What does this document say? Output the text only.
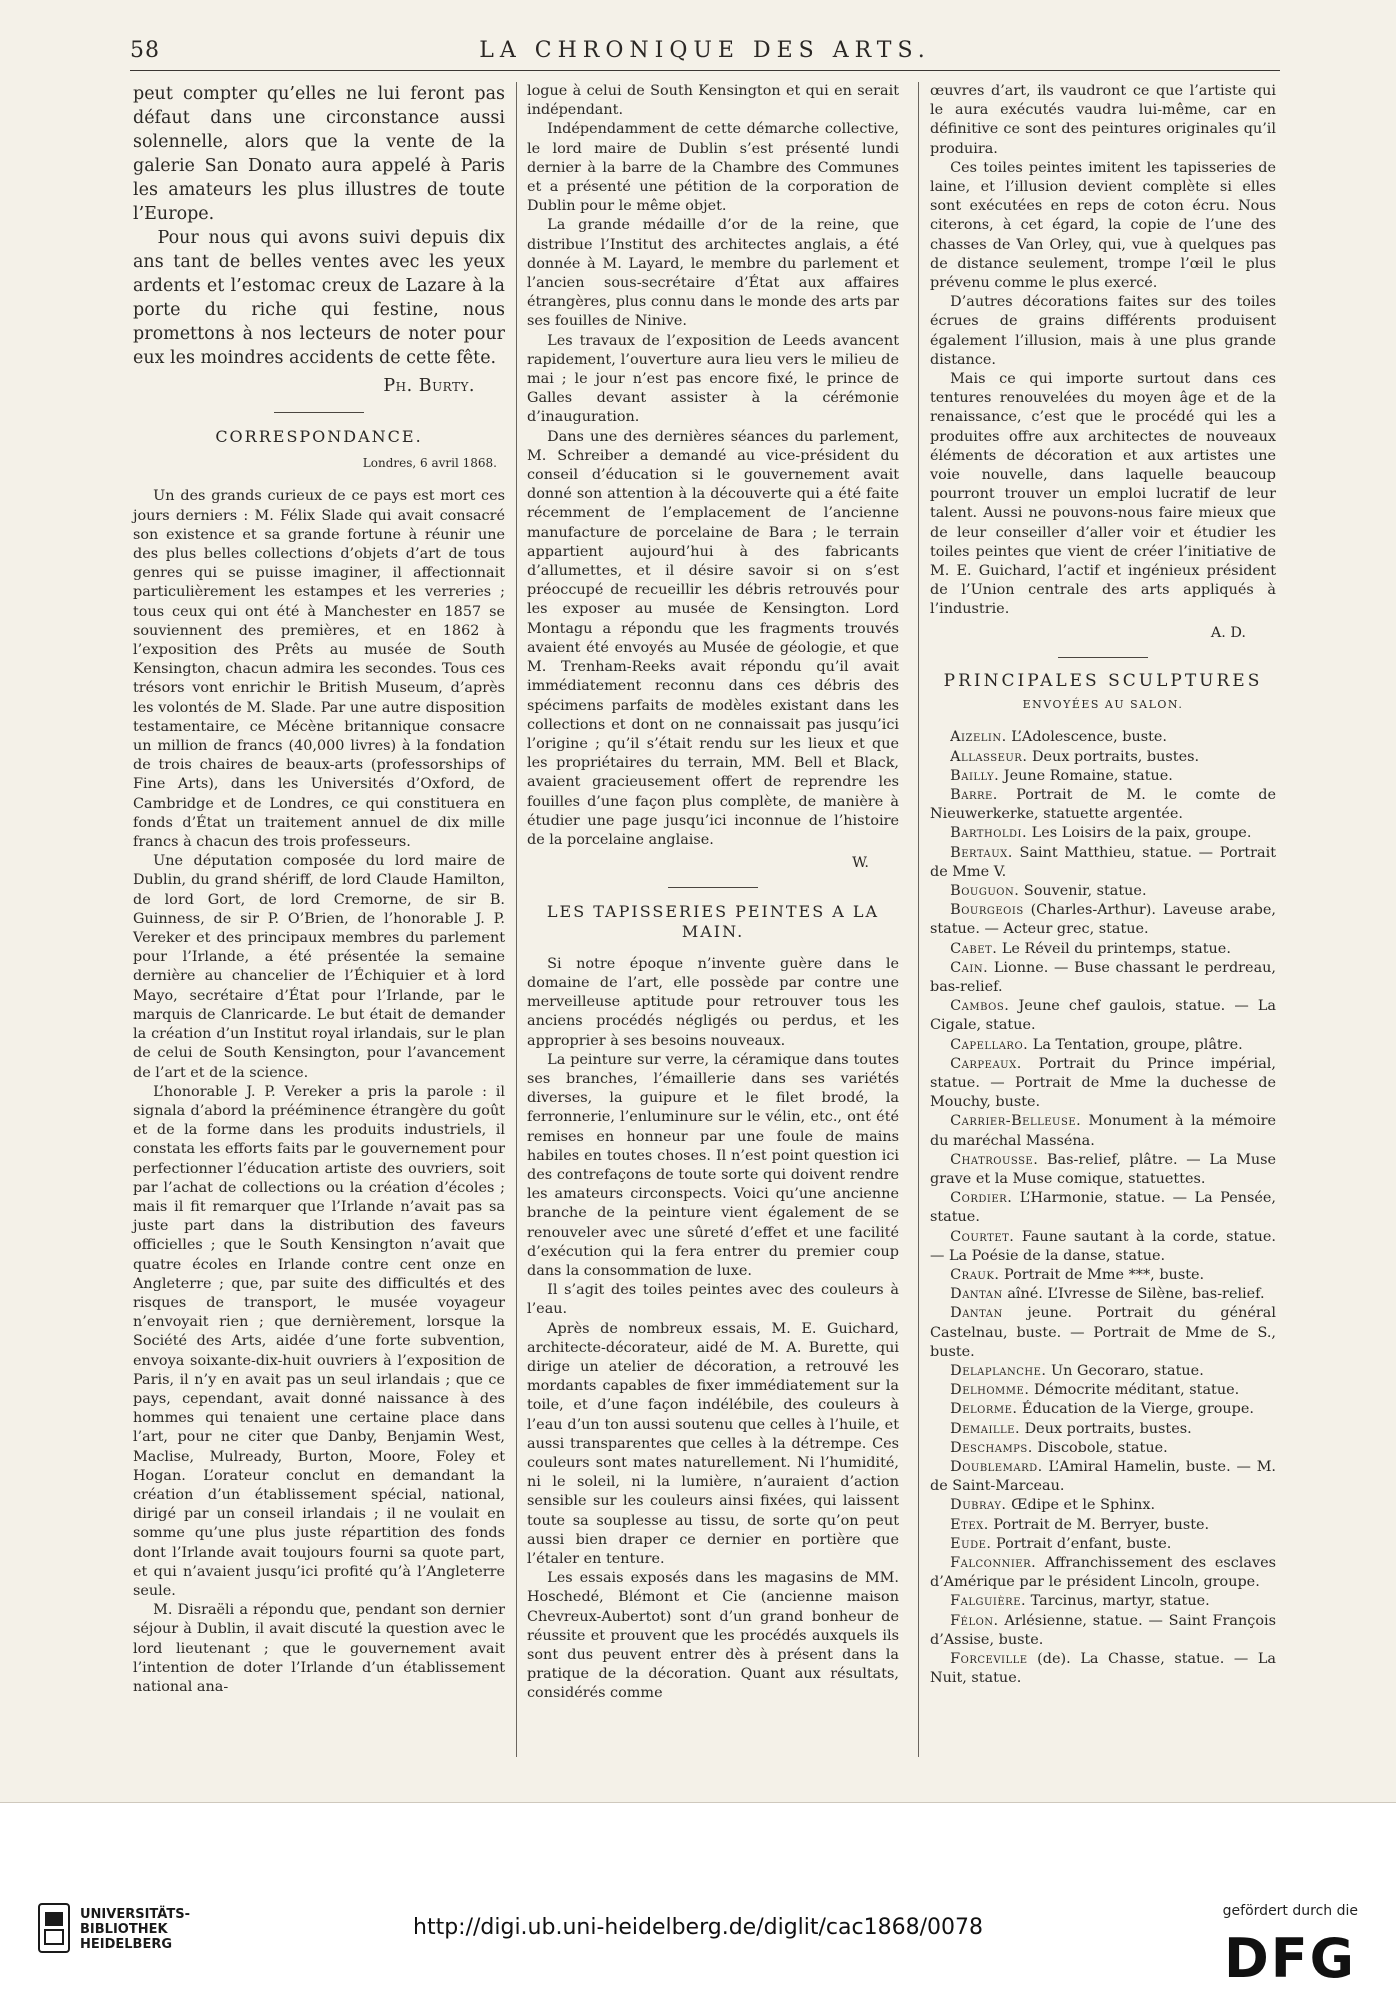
58	LA CHRONIQUE DES ARTS.

peut compter qu’elles ne lui feront pas défaut dans une circonstance aussi solennelle, alors que la vente de la galerie San Donato aura appelé à Paris les amateurs les plus illustres de toute l’Europe.

Pour nous qui avons suivi depuis dix ans tant de belles ventes avec les yeux ardents et l’estomac creux de Lazare à la porte du riche qui festine, nous promettons à nos lecteurs de noter pour eux les moindres accidents de cette fête.

Ph. Burty.
CORRESPONDANCE.
Londres, 6 avril 1868.

Un des grands curieux de ce pays est mort ces jours derniers : M. Félix Slade qui avait consacré son existence et sa grande fortune à réunir une des plus belles collections d’objets d’art de tous genres qui se puisse imaginer, il affectionnait particulièrement les estampes et les verreries ; tous ceux qui ont été à Manchester en 1857 se souviennent des premières, et en 1862 à l’exposition des Prêts au musée de South Kensington, chacun admira les secondes. Tous ces trésors vont enrichir le British Museum, d’après les volontés de M. Slade. Par une autre disposition testamentaire, ce Mécène britannique consacre un million de francs (40,000 livres) à la fondation de trois chaires de beaux-arts (professorships of Fine Arts), dans les Universités d’Oxford, de Cambridge et de Londres, ce qui constituera en fonds d’État un traitement annuel de dix mille francs à chacun des trois professeurs.

Une députation composée du lord maire de Dublin, du grand shériff, de lord Claude Hamilton, de lord Gort, de lord Cremorne, de sir B. Guinness, de sir P. O’Brien, de l’honorable J. P. Vereker et des principaux membres du parlement pour l’Irlande, a été présentée la semaine dernière au chancelier de l’Échiquier et à lord Mayo, secrétaire d’État pour l’Irlande, par le marquis de Clanricarde. Le but était de demander la création d’un Institut royal irlandais, sur le plan de celui de South Kensington, pour l’avancement de l’art et de la science.

L’honorable J. P. Vereker a pris la parole : il signala d’abord la prééminence étrangère du goût et de la forme dans les produits industriels, il constata les efforts faits par le gouvernement pour perfectionner l’éducation artiste des ouvriers, soit par l’achat de collections ou la création d’écoles ; mais il fit remarquer que l’Irlande n’avait pas sa juste part dans la distribution des faveurs officielles ; que le South Kensington n’avait que quatre écoles en Irlande contre cent onze en Angleterre ; que, par suite des difficultés et des risques de transport, le musée voyageur n’envoyait rien ; que dernièrement, lorsque la Société des Arts, aidée d’une forte subvention, envoya soixante-dix-huit ouvriers à l’exposition de Paris, il n’y en avait pas un seul irlandais ; que ce pays, cependant, avait donné naissance à des hommes qui tenaient une certaine place dans l’art, pour ne citer que Danby, Benjamin West, Maclise, Mulready, Burton, Moore, Foley et Hogan. L’orateur conclut en demandant la création d’un établissement spécial, national, dirigé par un conseil irlandais ; il ne voulait en somme qu’une plus juste répartition des fonds dont l’Irlande avait toujours fourni sa quote part, et qui n’avaient jusqu’ici profité qu’à l’Angleterre seule.

M. Disraëli a répondu que, pendant son dernier séjour à Dublin, il avait discuté la question avec le lord lieutenant ; que le gouvernement avait l’intention de doter l’Irlande d’un établissement national ana-

logue à celui de South Kensington et qui en serait indépendant.

Indépendamment de cette démarche collective, le lord maire de Dublin s’est présenté lundi dernier à la barre de la Chambre des Communes et a présenté une pétition de la corporation de Dublin pour le même objet.

La grande médaille d’or de la reine, que distribue l’Institut des architectes anglais, a été donnée à M. Layard, le membre du parlement et l’ancien sous-secrétaire d’État aux affaires étrangères, plus connu dans le monde des arts par ses fouilles de Ninive.

Les travaux de l’exposition de Leeds avancent rapidement, l’ouverture aura lieu vers le milieu de mai ; le jour n’est pas encore fixé, le prince de Galles devant assister à la cérémonie d’inauguration.

Dans une des dernières séances du parlement, M. Schreiber a demandé au vice-président du conseil d’éducation si le gouvernement avait donné son attention à la découverte qui a été faite récemment de l’emplacement de l’ancienne manufacture de porcelaine de Bara ; le terrain appartient aujourd’hui à des fabricants d’allumettes, et il désire savoir si on s’est préoccupé de recueillir les débris retrouvés pour les exposer au musée de Kensington. Lord Montagu a répondu que les fragments trouvés avaient été envoyés au Musée de géologie, et que M. Trenham-Reeks avait répondu qu’il avait immédiatement reconnu dans ces débris des spécimens parfaits de modèles existant dans les collections et dont on ne connaissait pas jusqu’ici l’origine ; qu’il s’était rendu sur les lieux et que les propriétaires du terrain, MM. Bell et Black, avaient gracieusement offert de reprendre les fouilles d’une façon plus complète, de manière à étudier une page jusqu’ici inconnue de l’histoire de la porcelaine anglaise.

W.
LES TAPISSERIES PEINTES A LA MAIN.

Si notre époque n’invente guère dans le domaine de l’art, elle possède par contre une merveilleuse aptitude pour retrouver tous les anciens procédés négligés ou perdus, et les approprier à ses besoins nouveaux.

La peinture sur verre, la céramique dans toutes ses branches, l’émaillerie dans ses variétés diverses, la guipure et le filet brodé, la ferronnerie, l’enluminure sur le vélin, etc., ont été remises en honneur par une foule de mains habiles en toutes choses. Il n’est point question ici des contrefaçons de toute sorte qui doivent rendre les amateurs circonspects. Voici qu’une ancienne branche de la peinture vient également de se renouveler avec une sûreté d’effet et une facilité d’exécution qui la fera entrer du premier coup dans la consommation de luxe.

Il s’agit des toiles peintes avec des couleurs à l’eau.

Après de nombreux essais, M. E. Guichard, architecte-décorateur, aidé de M. A. Burette, qui dirige un atelier de décoration, a retrouvé les mordants capables de fixer immédiatement sur la toile, et d’une façon indélébile, des couleurs à l’eau d’un ton aussi soutenu que celles à l’huile, et aussi transparentes que celles à la détrempe. Ces couleurs sont mates naturellement. Ni l’humidité, ni le soleil, ni la lumière, n’auraient d’action sensible sur les couleurs ainsi fixées, qui laissent toute sa souplesse au tissu, de sorte qu’on peut aussi bien draper ce dernier en portière que l’étaler en tenture.

Les essais exposés dans les magasins de MM. Hoschedé, Blémont et Cie (ancienne maison Chevreux-Aubertot) sont d’un grand bonheur de réussite et prouvent que les procédés auxquels ils sont dus peuvent entrer dès à présent dans la pratique de la décoration. Quant aux résultats, considérés comme

œuvres d’art, ils vaudront ce que l’artiste qui le aura exécutés vaudra lui-même, car en définitive ce sont des peintures originales qu’il produira.

Ces toiles peintes imitent les tapisseries de laine, et l’illusion devient complète si elles sont exécutées en reps de coton écru. Nous citerons, à cet égard, la copie de l’une des chasses de Van Orley, qui, vue à quelques pas de distance seulement, trompe l’œil le plus prévenu comme le plus exercé.

D’autres décorations faites sur des toiles écrues de grains différents produisent également l’illusion, mais à une plus grande distance.

Mais ce qui importe surtout dans ces tentures renouvelées du moyen âge et de la renaissance, c’est que le procédé qui les a produites offre aux architectes de nouveaux éléments de décoration et aux artistes une voie nouvelle, dans laquelle beaucoup pourront trouver un emploi lucratif de leur talent. Aussi ne pouvons-nous faire mieux que de leur conseiller d’aller voir et étudier les toiles peintes que vient de créer l’initiative de M. E. Guichard, l’actif et ingénieux président de l’Union centrale des arts appliqués à l’industrie.

A. D.
PRINCIPALES SCULPTURES
ENVOYÉES AU SALON.

Aizelin. L’Adolescence, buste.

Allasseur. Deux portraits, bustes.

Bailly. Jeune Romaine, statue.

Barre. Portrait de M. le comte de Nieuwerkerke, statuette argentée.

Bartholdi. Les Loisirs de la paix, groupe.

Bertaux. Saint Matthieu, statue. — Portrait de Mme V.

Bouguon. Souvenir, statue.

Bourgeois (Charles-Arthur). Laveuse arabe, statue. — Acteur grec, statue.

Cabet. Le Réveil du printemps, statue.

Cain. Lionne. — Buse chassant le perdreau, bas-relief.

Cambos. Jeune chef gaulois, statue. — La Cigale, statue.

Capellaro. La Tentation, groupe, plâtre.

Carpeaux. Portrait du Prince impérial, statue. — Portrait de Mme la duchesse de Mouchy, buste.

Carrier-Belleuse. Monument à la mémoire du maréchal Masséna.

Chatrousse. Bas-relief, plâtre. — La Muse grave et la Muse comique, statuettes.

Cordier. L’Harmonie, statue. — La Pensée, statue.

Courtet. Faune sautant à la corde, statue. — La Poésie de la danse, statue.

Crauk. Portrait de Mme ***, buste.

Dantan aîné. L’Ivresse de Silène, bas-relief.

Dantan jeune. Portrait du général Castelnau, buste. — Portrait de Mme de S., buste.

Delaplanche. Un Gecoraro, statue.

Delhomme. Démocrite méditant, statue.

Delorme. Éducation de la Vierge, groupe.

Demaille. Deux portraits, bustes.

Deschamps. Discobole, statue.

Doublemard. L’Amiral Hamelin, buste. — M. de Saint-Marceau.

Dubray. Œdipe et le Sphinx.

Etex. Portrait de M. Berryer, buste.

Eude. Portrait d’enfant, buste.

Falconnier. Affranchissement des esclaves d’Amérique par le président Lincoln, groupe.

Falguière. Tarcinus, martyr, statue.

Félon. Arlésienne, statue. — Saint François d’Assise, buste.

Forceville (de). La Chasse, statue. — La Nuit, statue.

UNIVERSITÄTS-
BIBLIOTHEK
HEIDELBERG
http://digi.ub.uni-heidelberg.de/diglit/cac1868/0078
gefördert durch die
DFG
